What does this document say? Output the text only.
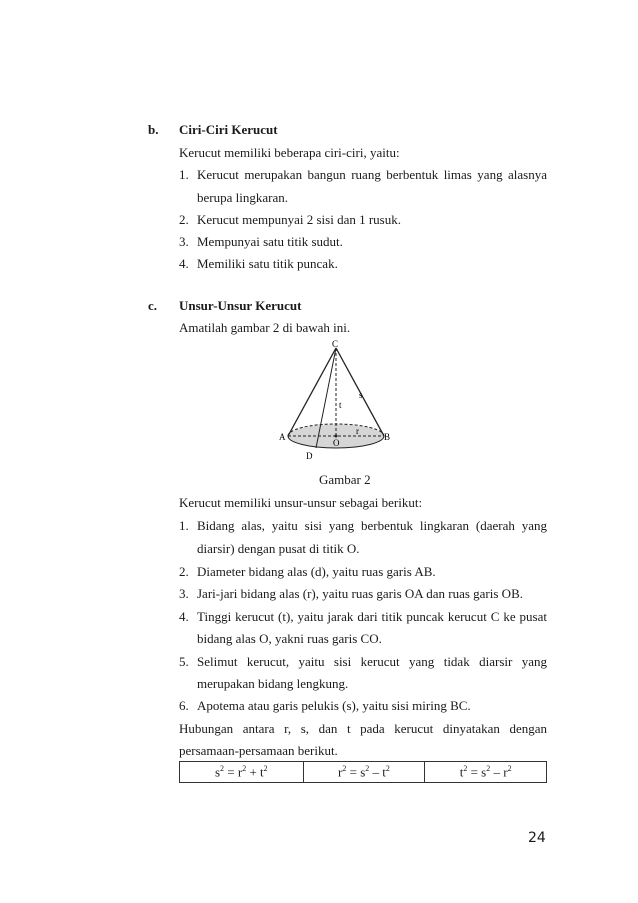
b. Ciri-Ciri Kerucut
Kerucut memiliki beberapa ciri-ciri, yaitu:
1. Kerucut merupakan bangun ruang berbentuk limas yang alasnya
berupa lingkaran.
2. Kerucut mempunyai 2 sisi dan 1 rusuk.
3. Mempunyai satu titik sudut.
4. Memiliki satu titik puncak.
c. Unsur-Unsur Kerucut
Amatilah gambar 2 di bawah ini.
C
s
t
A
r
O
B
D
Gambar 2
Kerucut memiliki unsur-unsur sebagai berikut:
1. Bidang alas, yaitu sisi yang berbentuk lingkaran (daerah yang
diarsir) dengan pusat di titik O.
2. Diameter bidang alas (d), yaitu ruas garis AB.
3. Jari-jari bidang alas (r), yaitu ruas garis OA dan ruas garis OB.
4. Tinggi kerucut (t), yaitu jarak dari titik puncak kerucut C ke pusat
bidang alas O, yakni ruas garis CO.
5. Selimut kerucut, yaitu sisi kerucut yang tidak diarsir yang
merupakan bidang lengkung.
6. Apotema atau garis pelukis (s), yaitu sisi miring BC.
Hubungan antara r, s, dan t pada kerucut dinyatakan dengan
persamaan-persamaan berikut.
$s^2 = r^2 + t^2$	$r^2 = s^2 - t^2$	$t^2 = s^2 - r^2$
24
